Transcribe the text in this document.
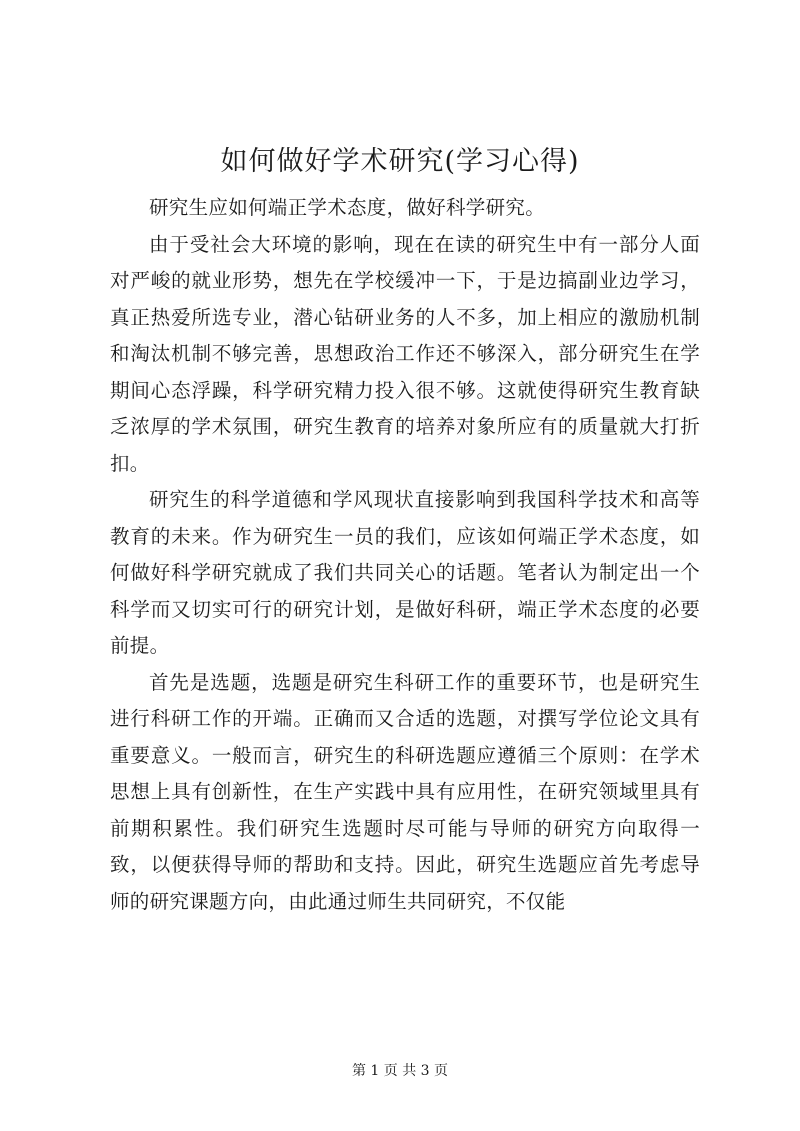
如何做好学术研究(学习心得)

研究生应如何端正学术态度，做好科学研究。

由于受社会大环境的影响，现在在读的研究生中有一部分人面对严峻的就业形势，想先在学校缓冲一下，于是边搞副业边学习，真正热爱所选专业，潜心钻研业务的人不多，加上相应的激励机制和淘汰机制不够完善，思想政治工作还不够深入，部分研究生在学期间心态浮躁，科学研究精力投入很不够。这就使得研究生教育缺乏浓厚的学术氛围，研究生教育的培养对象所应有的质量就大打折扣。

研究生的科学道德和学风现状直接影响到我国科学技术和高等教育的未来。作为研究生一员的我们，应该如何端正学术态度，如何做好科学研究就成了我们共同关心的话题。笔者认为制定出一个科学而又切实可行的研究计划，是做好科研，端正学术态度的必要前提。

首先是选题，选题是研究生科研工作的重要环节，也是研究生进行科研工作的开端。正确而又合适的选题，对撰写学位论文具有重要意义。一般而言，研究生的科研选题应遵循三个原则：在学术思想上具有创新性，在生产实践中具有应用性，在研究领域里具有前期积累性。我们研究生选题时尽可能与导师的研究方向取得一致，以便获得导师的帮助和支持。因此，研究生选题应首先考虑导师的研究课题方向，由此通过师生共同研究，不仅能

第 1 页 共 3 页
